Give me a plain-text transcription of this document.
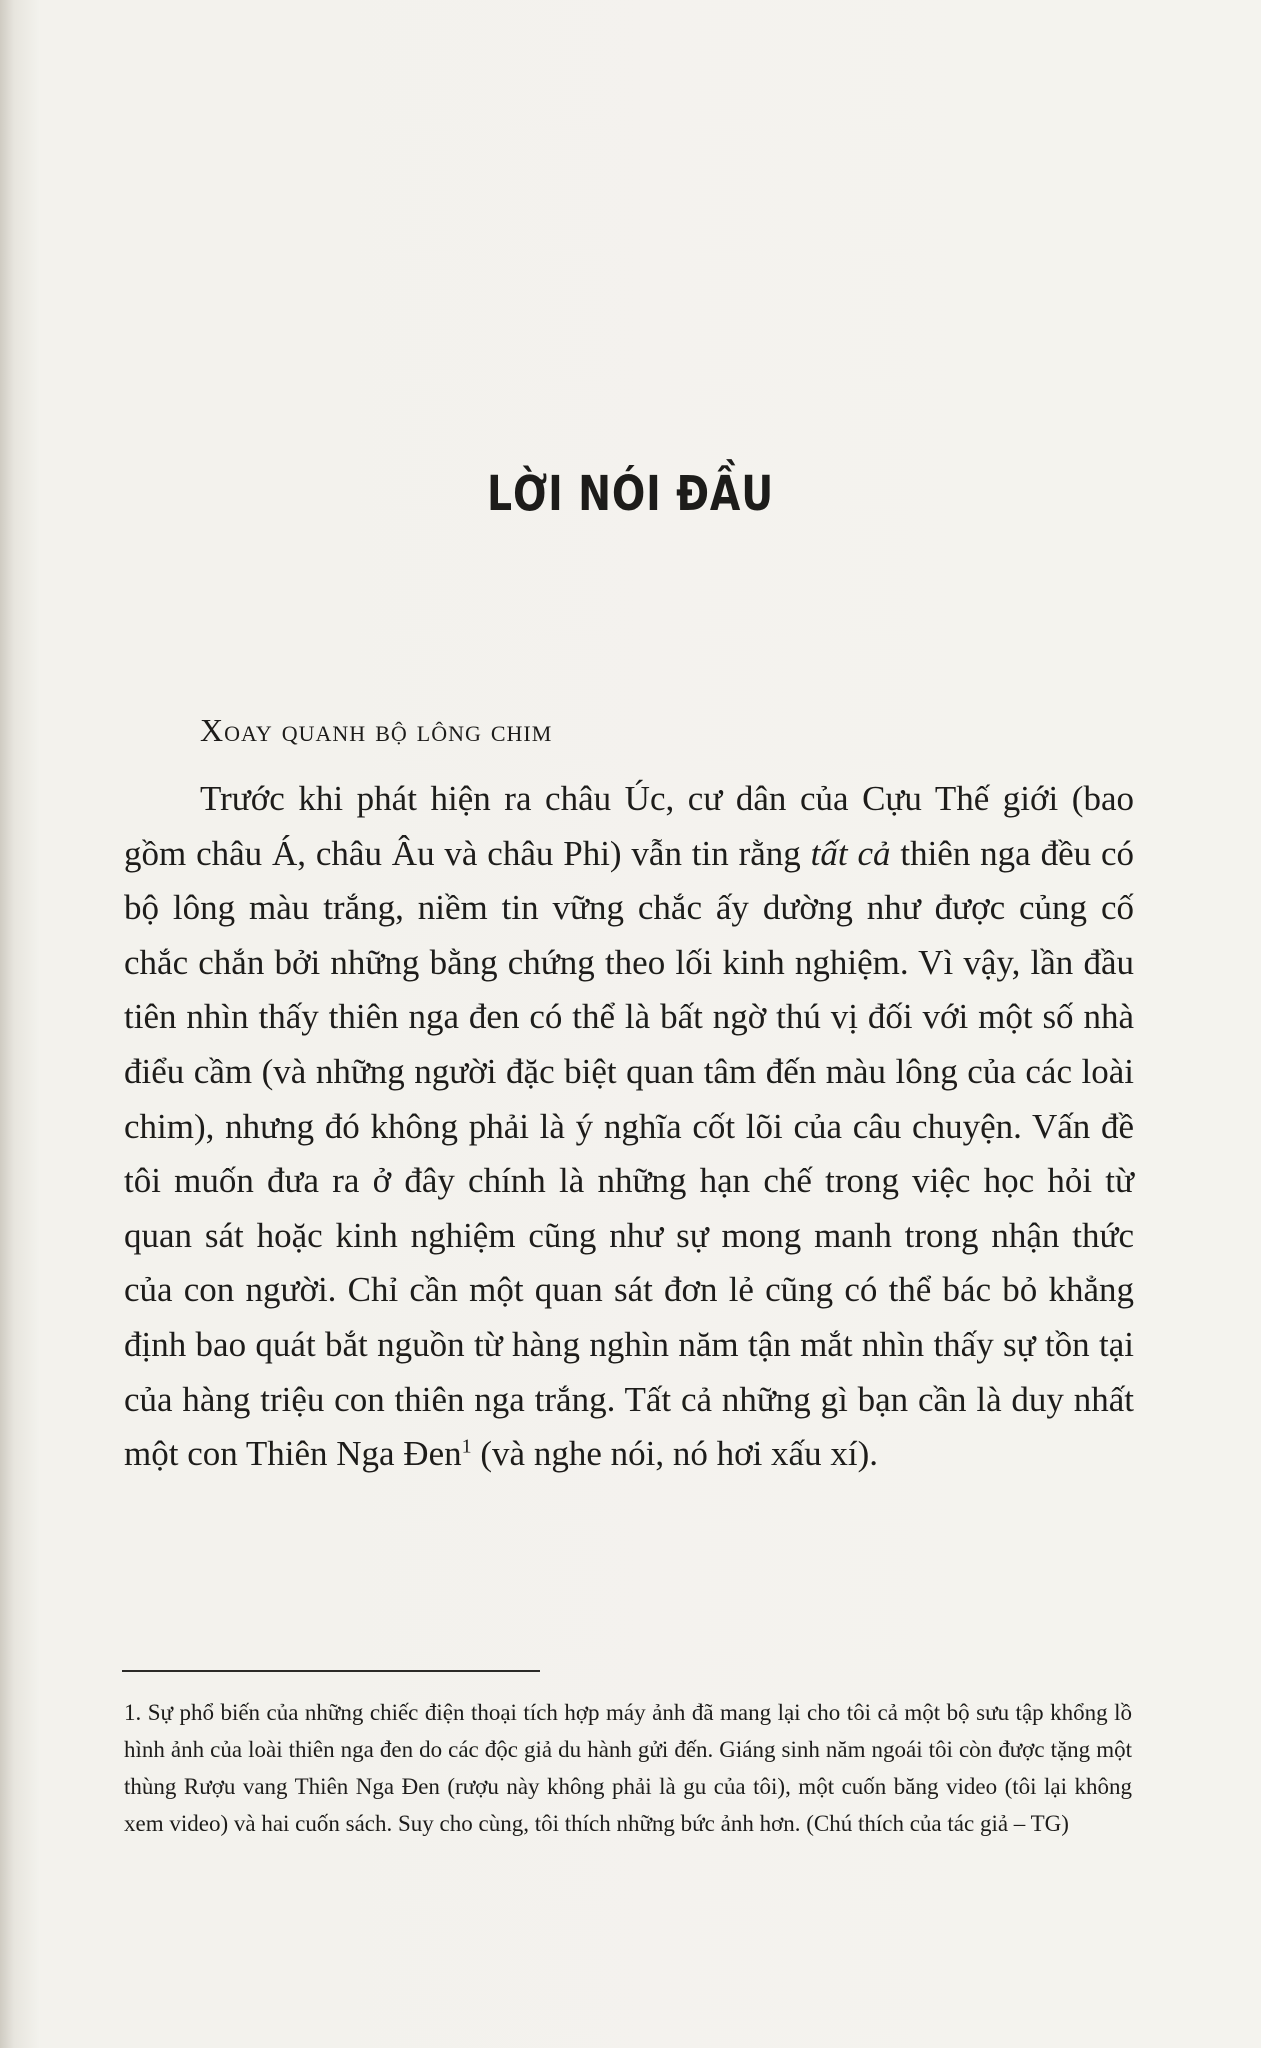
LỜI NÓI ĐẦU
Xoay quanh bộ lông chim

Trước khi phát hiện ra châu Úc, cư dân của Cựu Thế giới (bao gồm châu Á, châu Âu và châu Phi) vẫn tin rằng tất cả thiên nga đều có bộ lông màu trắng, niềm tin vững chắc ấy dường như được củng cố chắc chắn bởi những bằng chứng theo lối kinh nghiệm. Vì vậy, lần đầu tiên nhìn thấy thiên nga đen có thể là bất ngờ thú vị đối với một số nhà điểu cầm (và những người đặc biệt quan tâm đến màu lông của các loài chim), nhưng đó không phải là ý nghĩa cốt lõi của câu chuyện. Vấn đề tôi muốn đưa ra ở đây chính là những hạn chế trong việc học hỏi từ quan sát hoặc kinh nghiệm cũng như sự mong manh trong nhận thức của con người. Chỉ cần một quan sát đơn lẻ cũng có thể bác bỏ khẳng định bao quát bắt nguồn từ hàng nghìn năm tận mắt nhìn thấy sự tồn tại của hàng triệu con thiên nga trắng. Tất cả những gì bạn cần là duy nhất một con Thiên Nga Đen$^1$ (và nghe nói, nó hơi xấu xí).

1. Sự phổ biến của những chiếc điện thoại tích hợp máy ảnh đã mang lại cho tôi cả một bộ sưu tập khổng lồ hình ảnh của loài thiên nga đen do các độc giả du hành gửi đến. Giáng sinh năm ngoái tôi còn được tặng một thùng Rượu vang Thiên Nga Đen (rượu này không phải là gu của tôi), một cuốn băng video (tôi lại không xem video) và hai cuốn sách. Suy cho cùng, tôi thích những bức ảnh hơn. (Chú thích của tác giả – TG)
